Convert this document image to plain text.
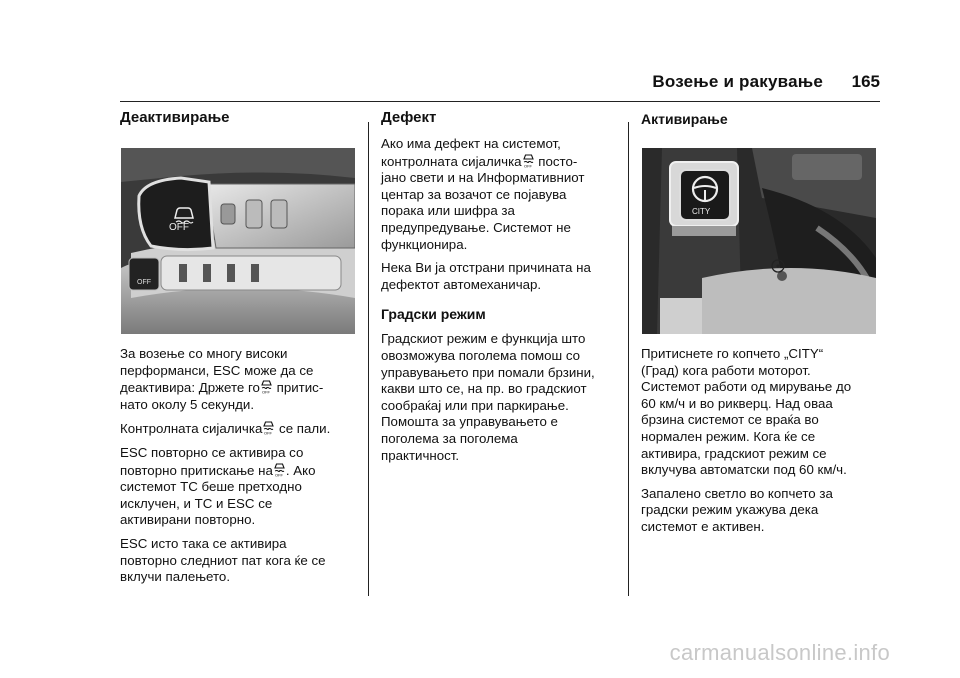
Возење и ракување	165
Деактивирање
OFF
OFF

За возење со многу високи
перформанси, ESC може да се
деактивира: Држете го OFF притис-
нато околу 5 секунди.

Контролната сијаличка OFF се пали.

ESC повторно се активира со
повторно притискање на OFF . Ако
системот TC беше претходно
исклучен, и TC и ESC се
активирани повторно.

ESC исто така се активира
повторно следниот пат кога ќе се
вклучи палењето.

Дефект

Ако има дефект на системот,
контролната сијаличка OFF посто-
јано свети и на Информативниот
центар за возачот се појавува
порака или шифра за
предупредување. Системот не
функционира.

Нека Ви ја отстрани причината на
дефектот автомеханичар.

Градски режим

Градскиот режим е функција што
овозможува поголема помош со
управувањето при помали брзини,
какви што се, на пр. во градскиот
сообраќај или при паркирање.
Помошта за управувањето е
поголема за поголема
практичност.

Активирање
CITY

Притиснете го копчето „CITY“
(Град) кога работи моторот.
Системот работи од мирување до
60 км/ч и во рикверц. Над оваа
брзина системот се враќа во
нормален режим. Кога ќе се
активира, градскиот режим се
вклучува автоматски под 60 км/ч.

Запалено светло во копчето за
градски режим укажува дека
системот е активен.

carmanualsonline.info
